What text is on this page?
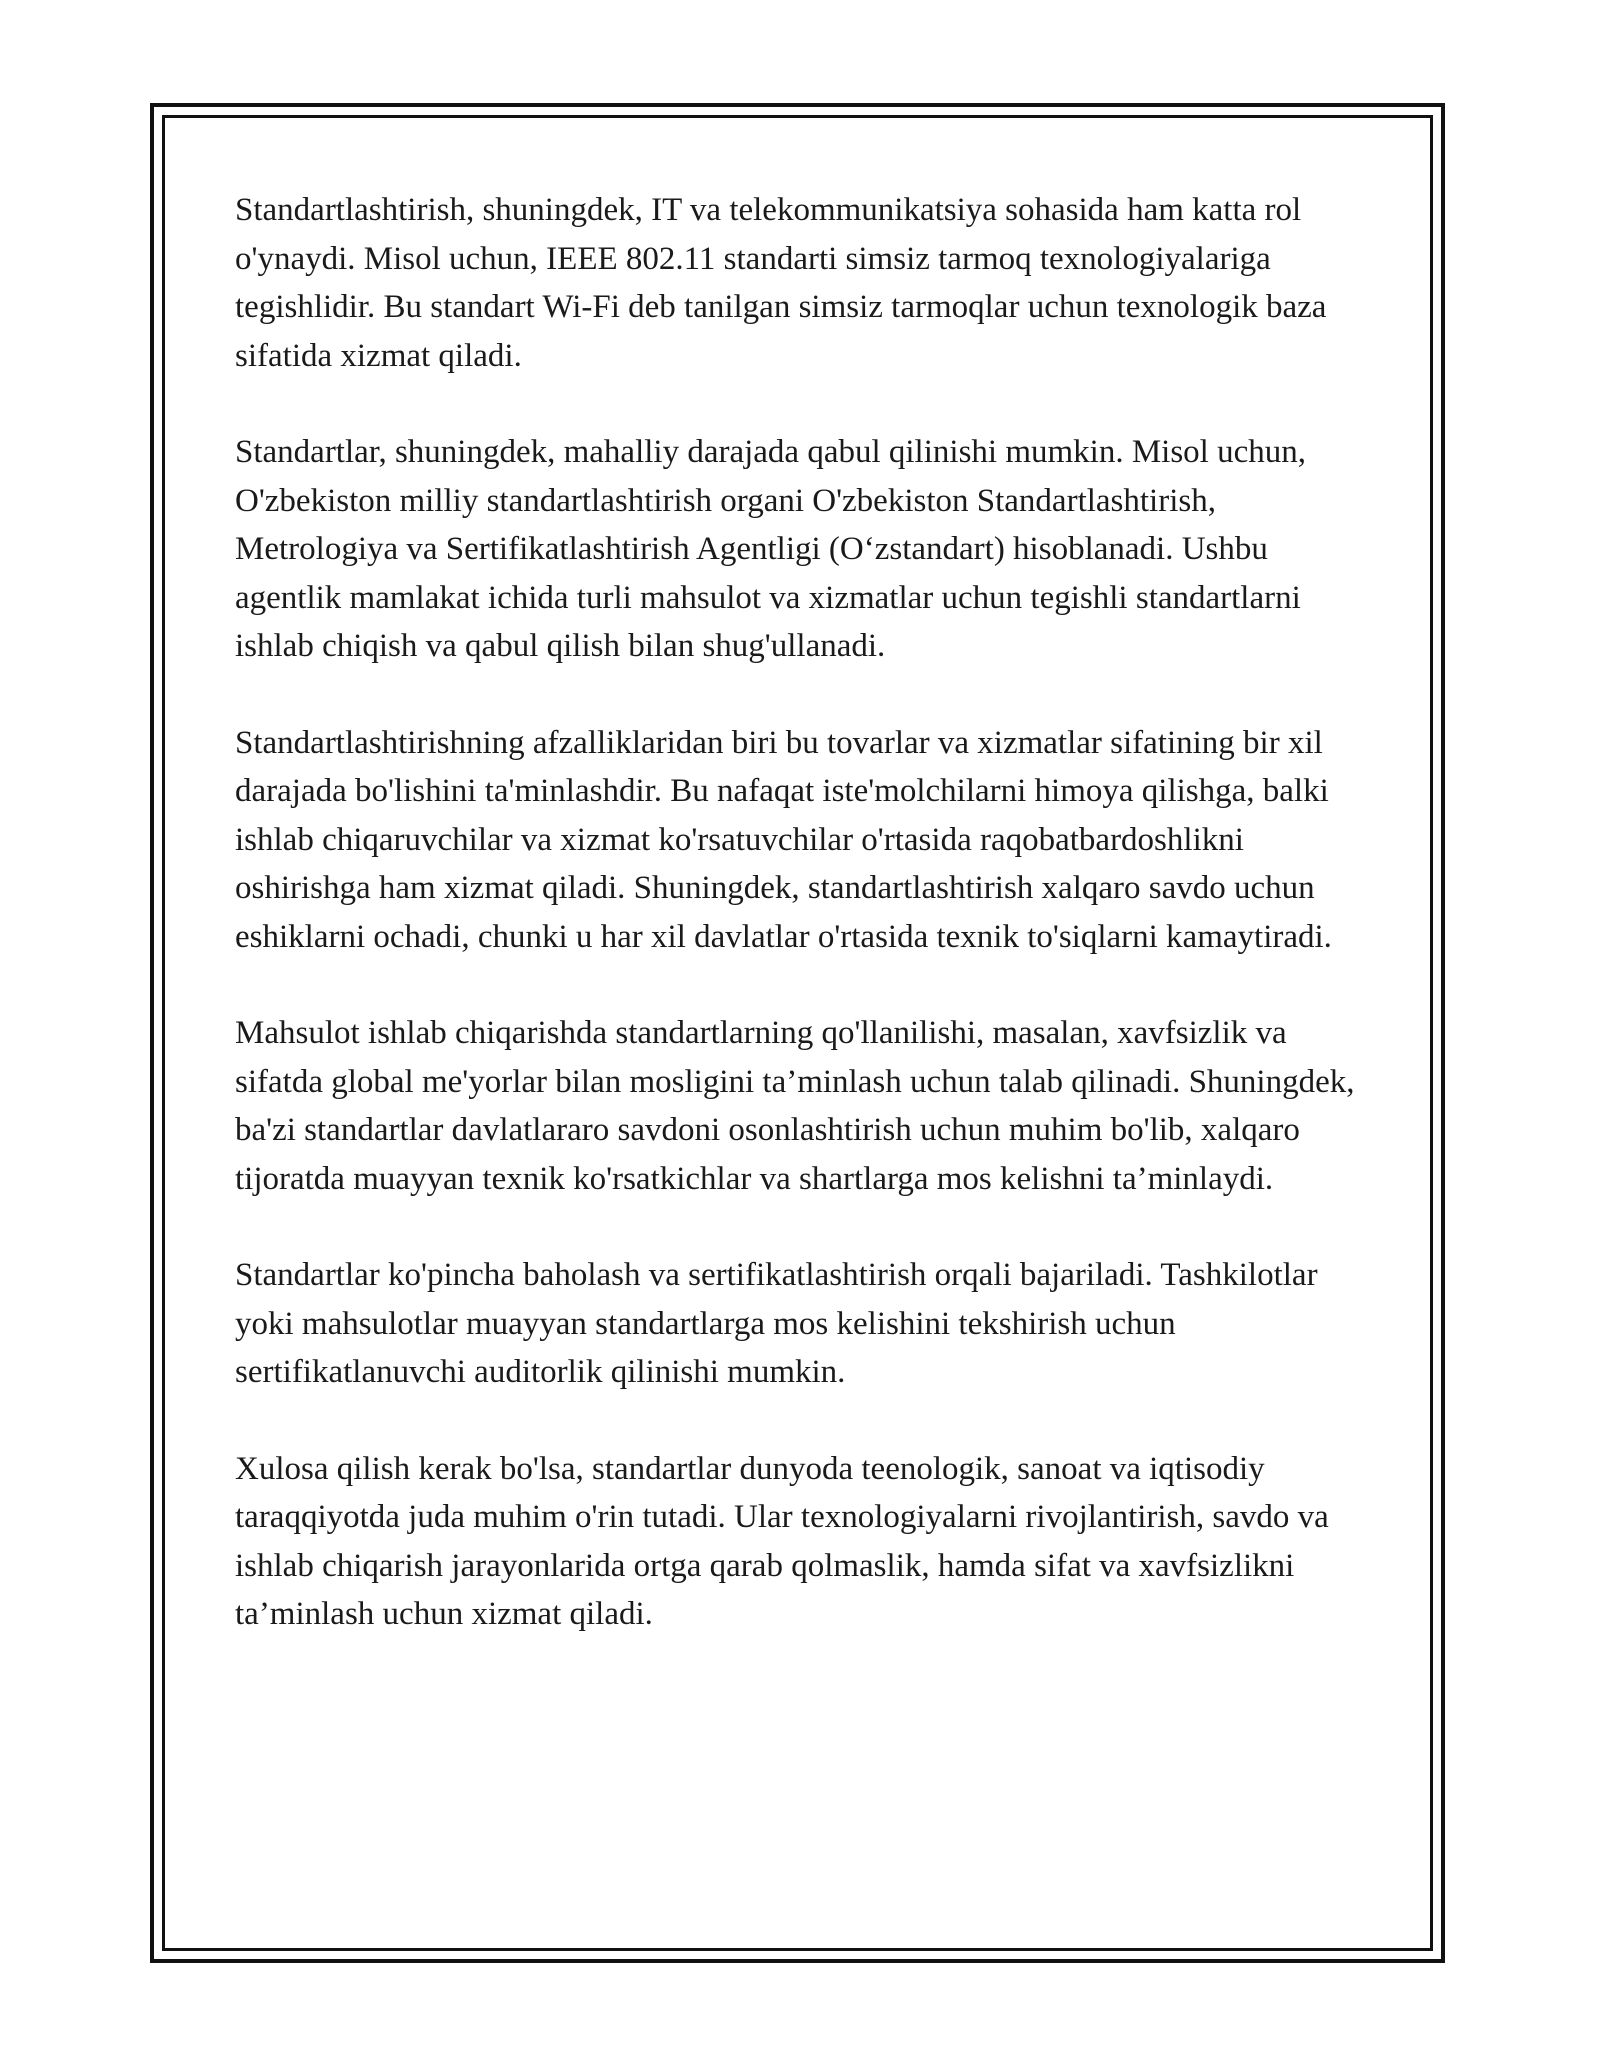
Standartlashtirish, shuningdek, IT va telekommunikatsiya sohasida ham katta rol o'ynaydi. Misol uchun, IEEE 802.11 standarti simsiz tarmoq texnologiyalariga tegishlidir. Bu standart Wi-Fi deb tanilgan simsiz tarmoqlar uchun texnologik baza sifatida xizmat qiladi.

Standartlar, shuningdek, mahalliy darajada qabul qilinishi mumkin. Misol uchun, O'zbekiston milliy standartlashtirish organi O'zbekiston Standartlashtirish, Metrologiya va Sertifikatlashtirish Agentligi (O‘zstandart) hisoblanadi. Ushbu agentlik mamlakat ichida turli mahsulot va xizmatlar uchun tegishli standartlarni ishlab chiqish va qabul qilish bilan shug'ullanadi.

Standartlashtirishning afzalliklaridan biri bu tovarlar va xizmatlar sifatining bir xil darajada bo'lishini ta'minlashdir. Bu nafaqat iste'molchilarni himoya qilishga, balki ishlab chiqaruvchilar va xizmat ko'rsatuvchilar o'rtasida raqobatbardoshlikni oshirishga ham xizmat qiladi. Shuningdek, standartlashtirish xalqaro savdo uchun eshiklarni ochadi, chunki u har xil davlatlar o'rtasida texnik to'siqlarni kamaytiradi.

Mahsulot ishlab chiqarishda standartlarning qo'llanilishi, masalan, xavfsizlik va sifatda global me'yorlar bilan mosligini ta’minlash uchun talab qilinadi. Shuningdek, ba'zi standartlar davlatlararo savdoni osonlashtirish uchun muhim bo'lib, xalqaro tijoratda muayyan texnik ko'rsatkichlar va shartlarga mos kelishni ta’minlaydi.

Standartlar ko'pincha baholash va sertifikatlashtirish orqali bajariladi. Tashkilotlar yoki mahsulotlar muayyan standartlarga mos kelishini tekshirish uchun sertifikatlanuvchi auditorlik qilinishi mumkin.

Xulosa qilish kerak bo'lsa, standartlar dunyoda teenologik, sanoat va iqtisodiy taraqqiyotda juda muhim o'rin tutadi. Ular texnologiyalarni rivojlantirish, savdo va ishlab chiqarish jarayonlarida ortga qarab qolmaslik, hamda sifat va xavfsizlikni ta’minlash uchun xizmat qiladi.
